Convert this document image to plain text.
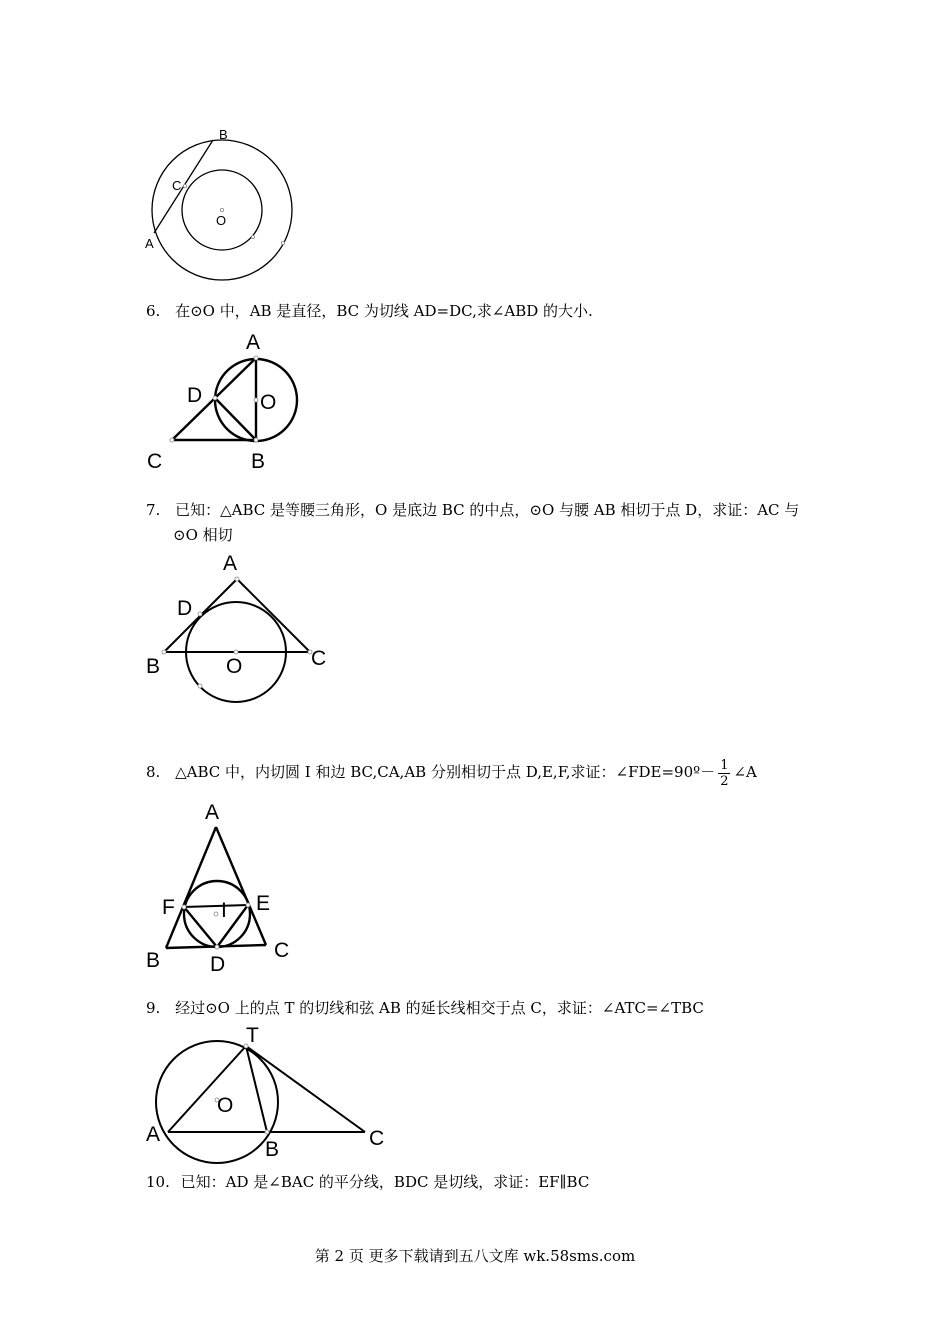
B
C
O
A
6. 在⊙O 中，AB 是直径，BC 为切线 AD=DC,求∠ABD 的大小.
A
D	O
C	B
7. 已知：△ABC 是等腰三角形，O 是底边 BC 的中点，⊙O 与腰 AB 相切于点 D，求证：AC 与
⊙O 相切
A
D
B	O	C
8. △ABC 中，内切圆 I 和边 BC,CA,AB 分别相切于点 D,E,F,求证：∠FDE=90º－ $\frac{1}{2}$ ∠A
A
F I E
B D
C
9. 经过⊙O 上的点 T 的切线和弦 AB 的延长线相交于点 C，求证：∠ATC=∠TBC
T
O
A
B	C
10. 已知：AD 是∠BAC 的平分线，BDC 是切线，求证：EF∥BC
第 2 页 更多下载请到五八文库 wk.58sms.com
